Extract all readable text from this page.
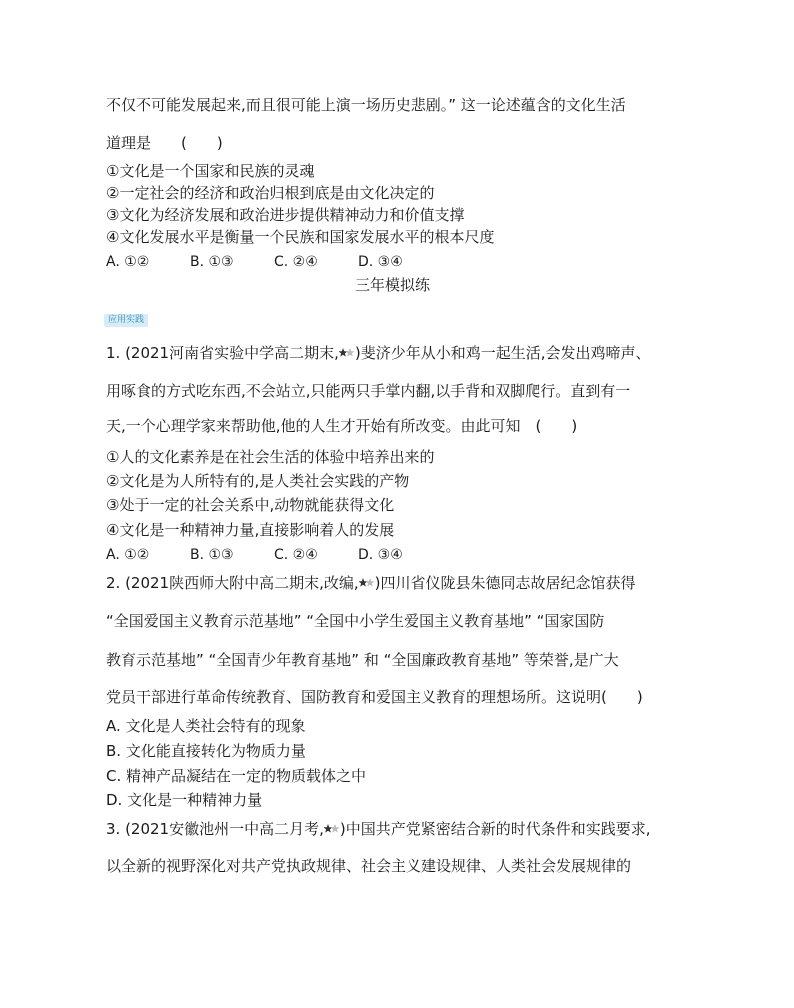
不仅不可能发展起来,而且很可能上演一场历史悲剧。” 这一论述蕴含的文化生活
道理是　　(　　)
①文化是一个国家和民族的灵魂
②一定社会的经济和政治归根到底是由文化决定的
③文化为经济发展和政治进步提供精神动力和价值支撑
④文化发展水平是衡量一个民族和国家发展水平的根本尺度
A. ①②	B. ①③	C. ②④	D. ③④
三年模拟练
应用实践
1. (2021河南省实验中学高二期末, )斐济少年从小和鸡一起生活,会发出鸡啼声、
用啄食的方式吃东西,不会站立,只能两只手掌内翻,以手背和双脚爬行。直到有一
天,一个心理学家来帮助他,他的人生才开始有所改变。由此可知　(　　)
①人的文化素养是在社会生活的体验中培养出来的
②文化是为人所特有的,是人类社会实践的产物
③处于一定的社会关系中,动物就能获得文化
④文化是一种精神力量,直接影响着人的发展
A. ①②	B. ①③	C. ②④	D. ③④
2. (2021陕西师大附中高二期末,改编, )四川省仪陇县朱德同志故居纪念馆获得
“全国爱国主义教育示范基地” “全国中小学生爱国主义教育基地” “国家国防
教育示范基地” “全国青少年教育基地” 和 “全国廉政教育基地” 等荣誉,是广大
党员干部进行革命传统教育、国防教育和爱国主义教育的理想场所。这说明(　　)
A. 文化是人类社会特有的现象
B. 文化能直接转化为物质力量
C. 精神产品凝结在一定的物质载体之中
D. 文化是一种精神力量
3. (2021安徽池州一中高二月考, )中国共产党紧密结合新的时代条件和实践要求,
以全新的视野深化对共产党执政规律、社会主义建设规律、人类社会发展规律的
